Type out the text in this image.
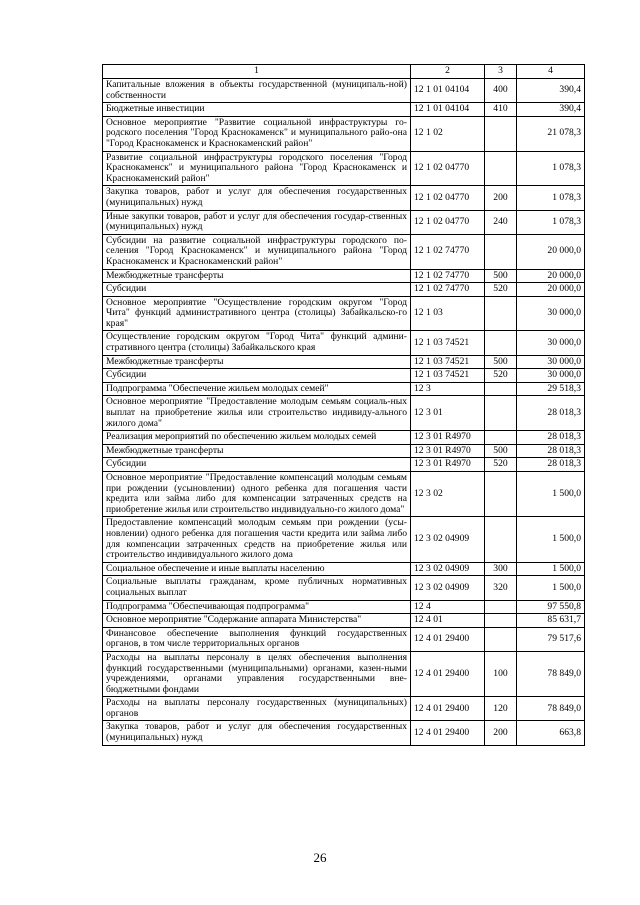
1	2	3	4
Капитальные вложения в объекты государственной (муниципаль-ной) собственности	12 1 01 04104	400	390,4
Бюджетные инвестиции	12 1 01 04104	410	390,4
Основное мероприятие "Развитие социальной инфраструктуры го-родского поселения "Город Краснокаменск" и муниципального райо-она "Город Краснокаменск и Краснокаменский район"	12 1 02		21 078,3
Развитие социальной инфраструктуры городского поселения "Город Краснокаменск" и муниципального района "Город Краснокаменск и Краснокаменский район"	12 1 02 04770		1 078,3
Закупка товаров, работ и услуг для обеспечения государственных (муниципальных) нужд	12 1 02 04770	200	1 078,3
Иные закупки товаров, работ и услуг для обеспечения государ-ственных (муниципальных) нужд	12 1 02 04770	240	1 078,3
Субсидии на развитие социальной инфраструктуры городского по-селения "Город Краснокаменск" и муниципального района "Город Краснокаменск и Краснокаменский район"	12 1 02 74770		20 000,0
Межбюджетные трансферты	12 1 02 74770	500	20 000,0
Субсидии	12 1 02 74770	520	20 000,0
Основное мероприятие "Осуществление городским округом "Город Чита" функций административного центра (столицы) Забайкальско-го края"	12 1 03		30 000,0
Осуществление городским округом "Город Чита" функций админи-стративного центра (столицы) Забайкальского края	12 1 03 74521		30 000,0
Межбюджетные трансферты	12 1 03 74521	500	30 000,0
Субсидии	12 1 03 74521	520	30 000,0
Подпрограмма "Обеспечение жильем молодых семей"	12 3		29 518,3
Основное мероприятие "Предоставление молодым семьям социаль-ных выплат на приобретение жилья или строительство индивиду-ального жилого дома"	12 3 01		28 018,3
Реализация мероприятий по обеспечению жильем молодых семей	12 3 01 R4970		28 018,3
Межбюджетные трансферты	12 3 01 R4970	500	28 018,3
Субсидии	12 3 01 R4970	520	28 018,3
Основное мероприятие "Предоставление компенсаций молодым семьям при рождении (усыновлении) одного ребенка для погашения части кредита или займа либо для компенсации затраченных средств на приобретение жилья или строительство индивидуально-го жилого дома"	12 3 02		1 500,0
Предоставление компенсаций молодым семьям при рождении (усы-новлении) одного ребенка для погашения части кредита или займа либо для компенсации затраченных средств на приобретение жилья или строительство индивидуального жилого дома	12 3 02 04909		1 500,0
Социальное обеспечение и иные выплаты населению	12 3 02 04909	300	1 500,0
Социальные выплаты гражданам, кроме публичных нормативных социальных выплат	12 3 02 04909	320	1 500,0
Подпрограмма "Обеспечивающая подпрограмма"	12 4		97 550,8
Основное мероприятие "Содержание аппарата Министерства"	12 4 01		85 631,7
Финансовое обеспечение выполнения функций государственных органов, в том числе территориальных органов	12 4 01 29400		79 517,6
Расходы на выплаты персоналу в целях обеспечения выполнения функций государственными (муниципальными) органами, казен-ными учреждениями, органами управления государственными вне-бюджетными фондами	12 4 01 29400	100	78 849,0
Расходы на выплаты персоналу государственных (муниципальных) органов	12 4 01 29400	120	78 849,0
Закупка товаров, работ и услуг для обеспечения государственных (муниципальных) нужд	12 4 01 29400	200	663,8
26
